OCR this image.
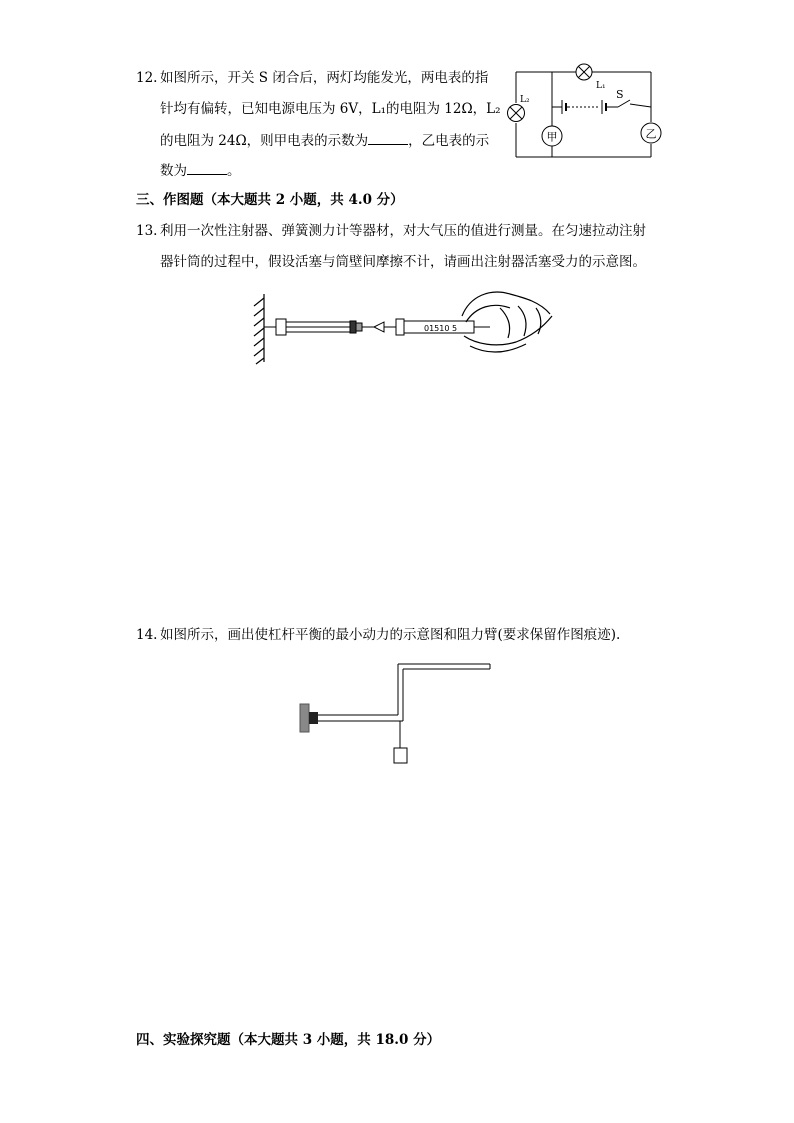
12. 如图所示，开关 S 闭合后，两灯均能发光，两电表的指
针均有偏转，已知电源电压为 6V，L₁的电阻为 12Ω，L₂
的电阻为 24Ω，则甲电表的示数为	，乙电表的示
数为	。
甲	乙
L₁
L₂	S
三、作图题（本大题共 2 小题，共 4.0 分）
13. 利用一次性注射器、弹簧测力计等器材，对大气压的值进行测量。在匀速拉动注射
器针筒的过程中，假设活塞与筒壁间摩擦不计，请画出注射器活塞受力的示意图。
01510 5
14. 如图所示，画出使杠杆平衡的最小动力的示意图和阻力臂(要求保留作图痕迹).
四、实验探究题（本大题共 3 小题，共 18.0 分）
